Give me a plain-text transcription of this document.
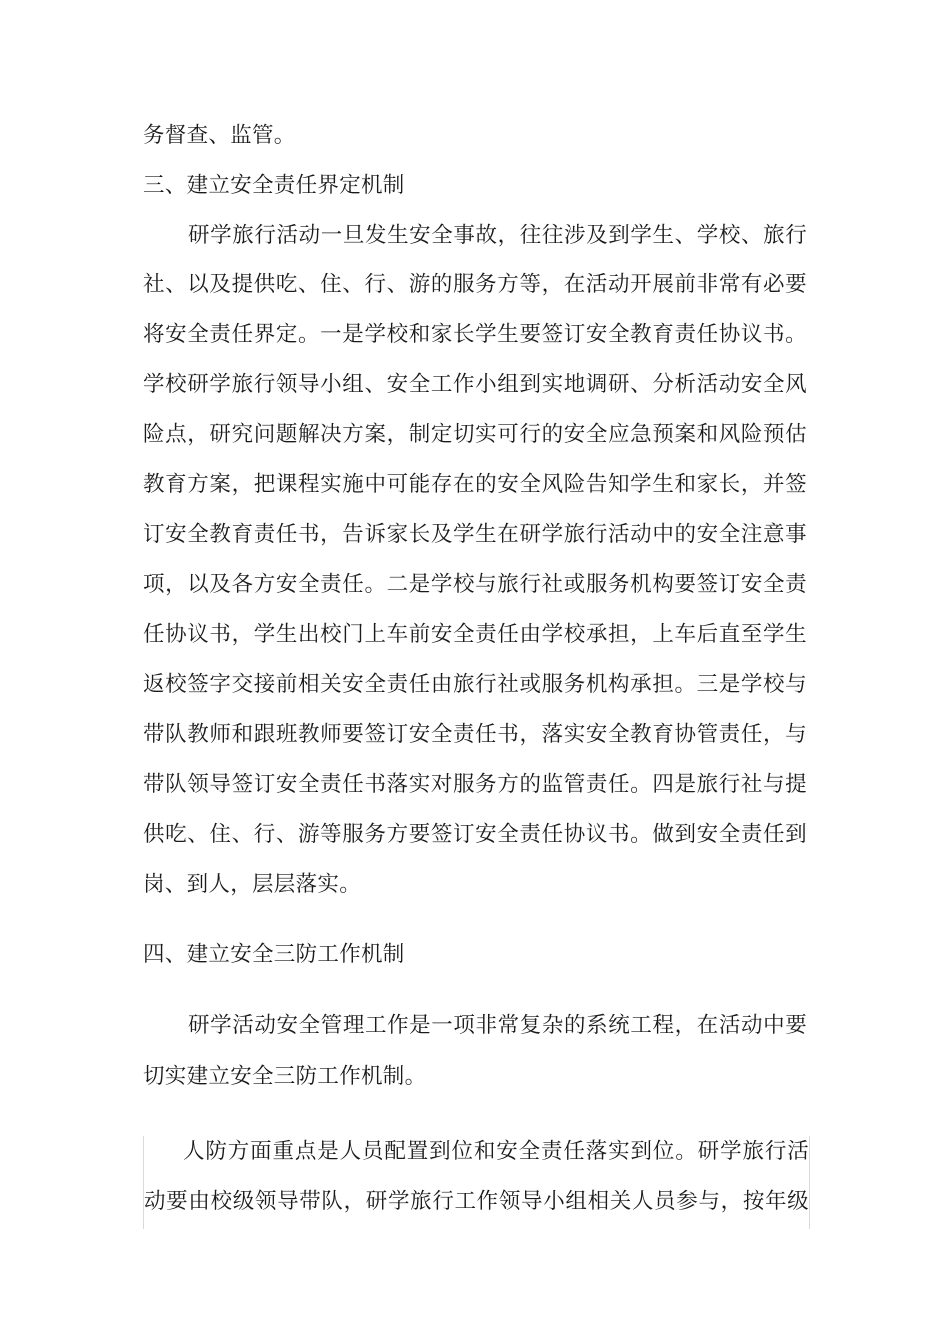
务督查、监管。
三、建立安全责任界定机制
研学旅行活动一旦发生安全事故，往往涉及到学生、学校、旅行
社、以及提供吃、住、行、游的服务方等，在活动开展前非常有必要
将安全责任界定。一是学校和家长学生要签订安全教育责任协议书。
学校研学旅行领导小组、安全工作小组到实地调研、分析活动安全风
险点，研究问题解决方案，制定切实可行的安全应急预案和风险预估
教育方案，把课程实施中可能存在的安全风险告知学生和家长，并签
订安全教育责任书，告诉家长及学生在研学旅行活动中的安全注意事
项，以及各方安全责任。二是学校与旅行社或服务机构要签订安全责
任协议书，学生出校门上车前安全责任由学校承担，上车后直至学生
返校签字交接前相关安全责任由旅行社或服务机构承担。三是学校与
带队教师和跟班教师要签订安全责任书，落实安全教育协管责任，与
带队领导签订安全责任书落实对服务方的监管责任。四是旅行社与提
供吃、住、行、游等服务方要签订安全责任协议书。做到安全责任到
岗、到人，层层落实。
四、建立安全三防工作机制
研学活动安全管理工作是一项非常复杂的系统工程，在活动中要
切实建立安全三防工作机制。
人防方面重点是人员配置到位和安全责任落实到位。研学旅行活
动要由校级领导带队，研学旅行工作领导小组相关人员参与，按年级
